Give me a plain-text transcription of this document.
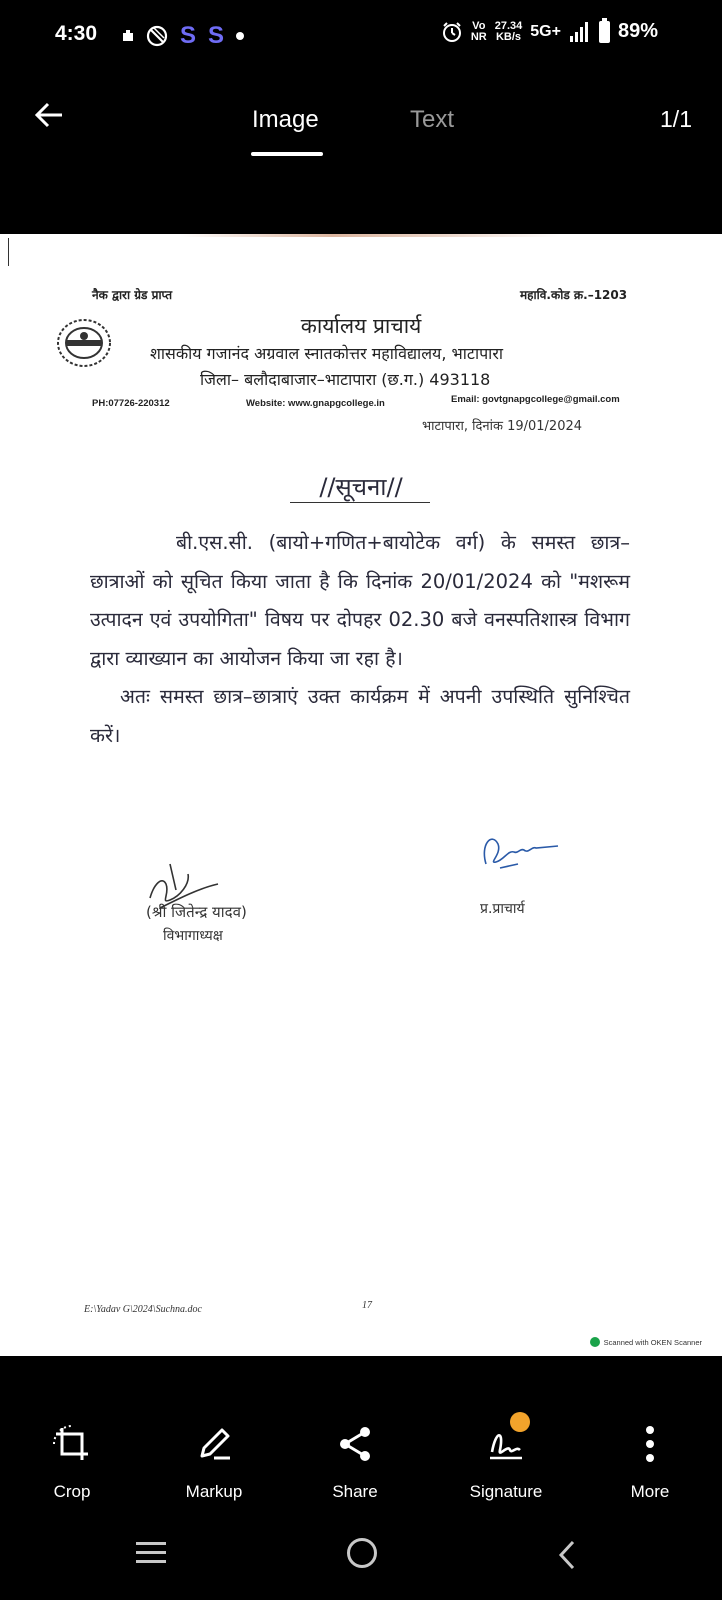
4:30	S S	Vo
NR
27.34
KB/s 5G+	89%
Image	Text	1/1
नैक द्वारा ग्रेड प्राप्त	महावि.कोड क्र.–1203
कार्यालय प्राचार्य
शासकीय गजानंद अग्रवाल स्नातकोत्तर महाविद्यालय, भाटापारा
जिला– बलौदाबाजार–भाटापारा (छ.ग.) 493118
PH:07726-220312	Website: www.gnapgcollege.in	Email: govtgnapgcollege@gmail.com
भाटापारा, दिनांक 19/01/2024
//सूचना//

बी.एस.सी. (बायो+गणित+बायोटेक वर्ग) के समस्त छात्र–छात्राओं को सूचित किया जाता है कि दिनांक 20/01/2024 को "मशरूम उत्पादन एवं उपयोगिता" विषय पर दोपहर 02.30 बजे वनस्पतिशास्त्र विभाग द्वारा व्याख्यान का आयोजन किया जा रहा है।

अतः समस्त छात्र–छात्राएं उक्त कार्यक्रम में अपनी उपस्थिति सुनिश्चित करें।

(श्री जितेन्द्र यादव)
विभागाध्यक्ष
प्र.प्राचार्य
E:\Yadav G\2024\Suchna.doc	17
Scanned with OKEN Scanner
Crop	Markup	Share	Signature	More
